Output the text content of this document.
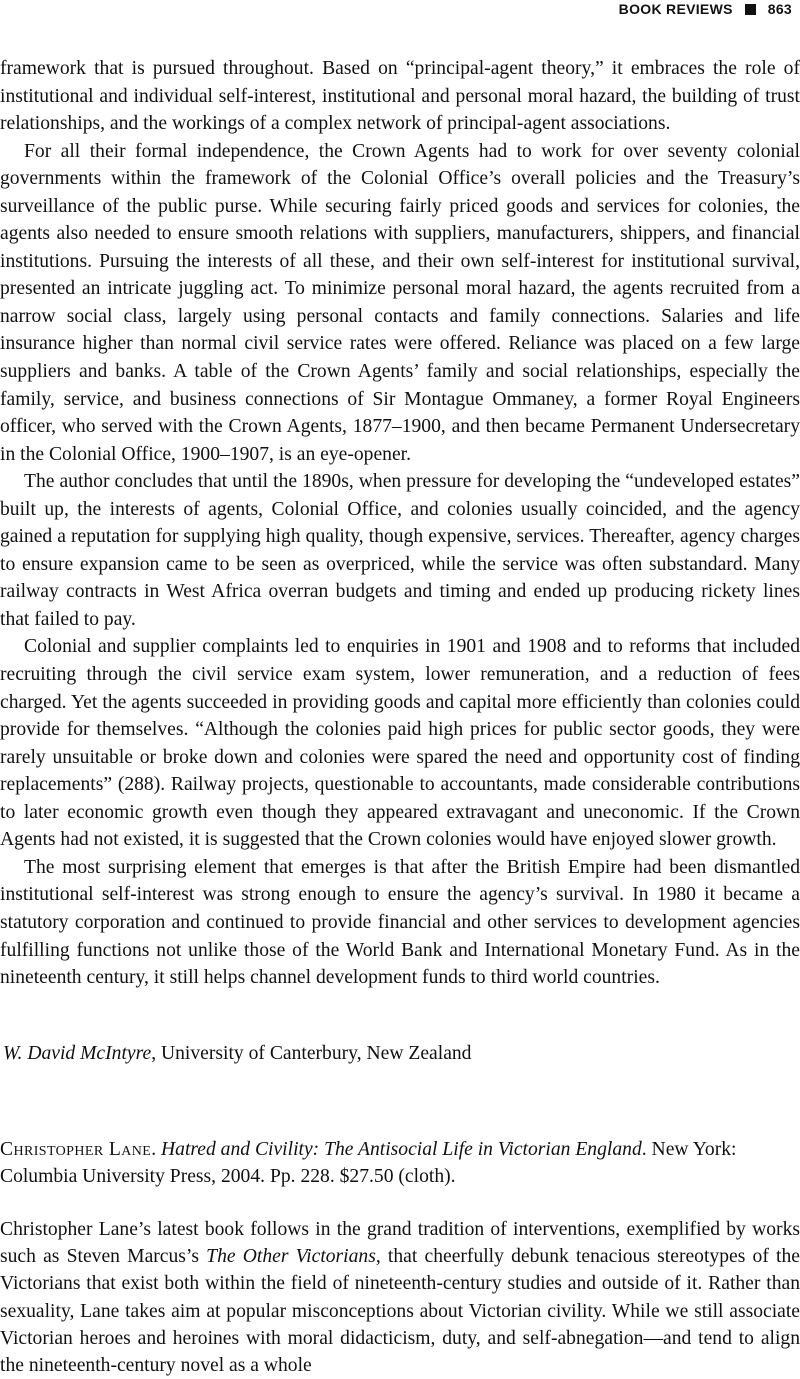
BOOK REVIEWS	863

framework that is pursued throughout. Based on “principal-agent theory,” it embraces the role of institutional and individual self-interest, institutional and personal moral hazard, the building of trust relationships, and the workings of a complex network of principal-agent associations.

For all their formal independence, the Crown Agents had to work for over seventy colonial governments within the framework of the Colonial Office’s overall policies and the Treasury’s surveillance of the public purse. While securing fairly priced goods and services for colonies, the agents also needed to ensure smooth relations with suppliers, manufacturers, shippers, and financial institutions. Pursuing the interests of all these, and their own self-interest for institutional survival, presented an intricate juggling act. To minimize personal moral hazard, the agents recruited from a narrow social class, largely using personal contacts and family connections. Salaries and life insurance higher than normal civil service rates were offered. Reliance was placed on a few large suppliers and banks. A table of the Crown Agents’ family and social relationships, especially the family, service, and business connections of Sir Montague Ommaney, a former Royal Engineers officer, who served with the Crown Agents, 1877–1900, and then became Permanent Undersecretary in the Colonial Office, 1900–1907, is an eye-opener.

The author concludes that until the 1890s, when pressure for developing the “undeveloped estates” built up, the interests of agents, Colonial Office, and colonies usually coincided, and the agency gained a reputation for supplying high quality, though expensive, services. Thereafter, agency charges to ensure expansion came to be seen as overpriced, while the service was often substandard. Many railway contracts in West Africa overran budgets and timing and ended up producing rickety lines that failed to pay.

Colonial and supplier complaints led to enquiries in 1901 and 1908 and to reforms that included recruiting through the civil service exam system, lower remuneration, and a reduction of fees charged. Yet the agents succeeded in providing goods and capital more efficiently than colonies could provide for themselves. “Although the colonies paid high prices for public sector goods, they were rarely unsuitable or broke down and colonies were spared the need and opportunity cost of finding replacements” (288). Railway projects, questionable to accountants, made considerable contributions to later economic growth even though they appeared extravagant and uneconomic. If the Crown Agents had not existed, it is suggested that the Crown colonies would have enjoyed slower growth.

The most surprising element that emerges is that after the British Empire had been dismantled institutional self-interest was strong enough to ensure the agency’s survival. In 1980 it became a statutory corporation and continued to provide financial and other services to development agencies fulfilling functions not unlike those of the World Bank and International Monetary Fund. As in the nineteenth century, it still helps channel development funds to third world countries.

W. David McIntyre, University of Canterbury, New Zealand
Christopher Lane. Hatred and Civility: The Antisocial Life in Victorian England. New York: Columbia University Press, 2004. Pp. 228. $27.50 (cloth).

Christopher Lane’s latest book follows in the grand tradition of interventions, exemplified by works such as Steven Marcus’s The Other Victorians, that cheerfully debunk tenacious stereotypes of the Victorians that exist both within the field of nineteenth-century studies and outside of it. Rather than sexuality, Lane takes aim at popular misconceptions about Victorian civility. While we still associate Victorian heroes and heroines with moral didacticism, duty, and self-abnegation—and tend to align the nineteenth-century novel as a whole
